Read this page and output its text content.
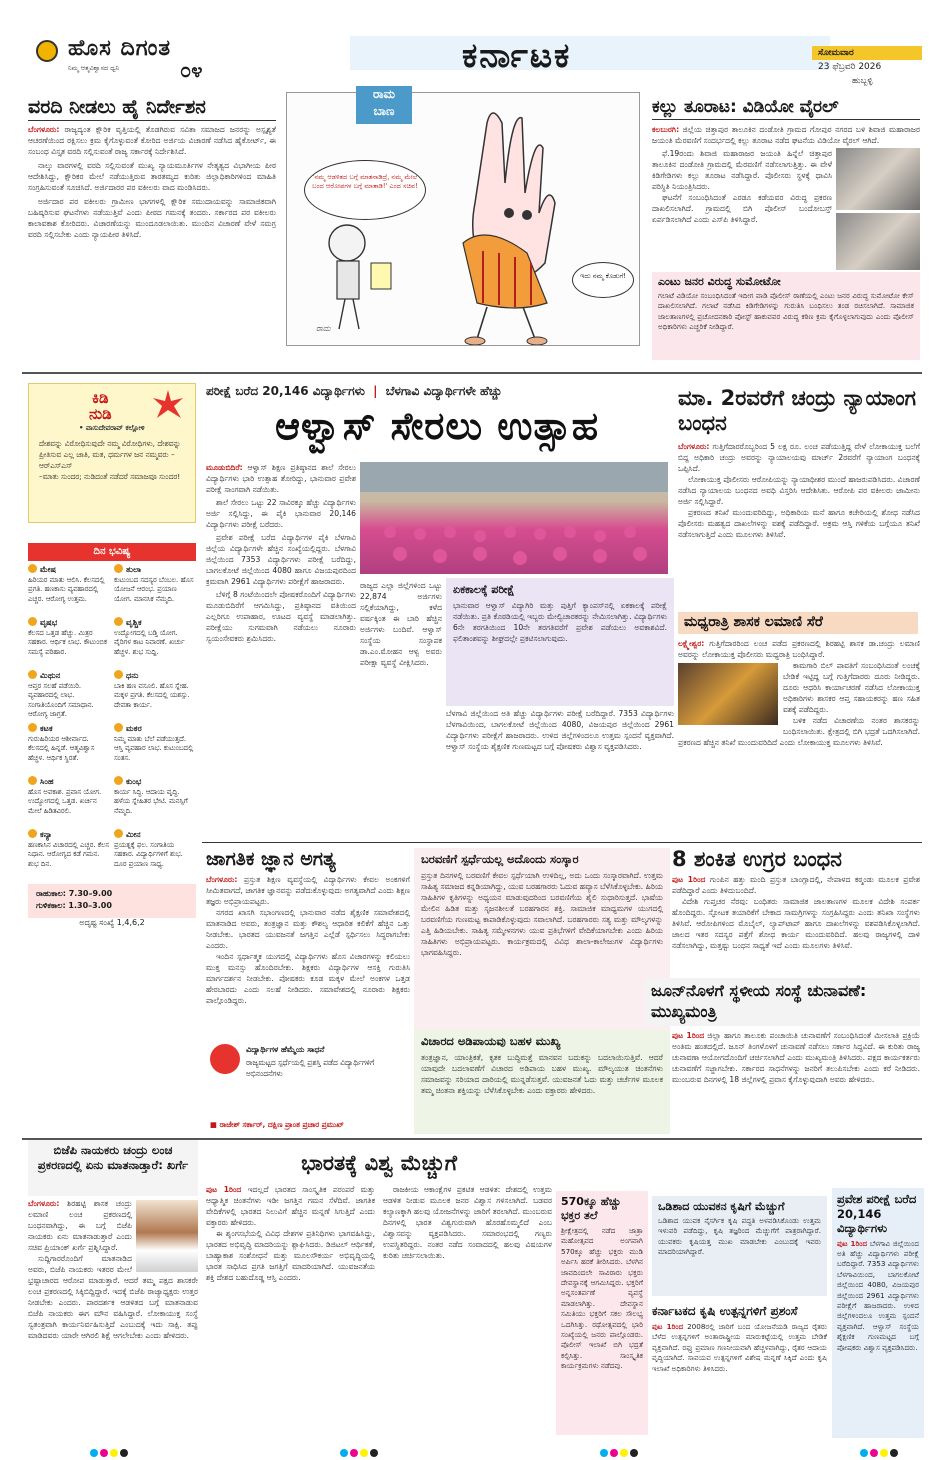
ಹೊಸ ದಿಗಂತ
ನಿಮ್ಮ ಆತ್ಮವಿಶ್ವಾಸದ ಧ್ವನಿ	೦೪	ಕರ್ನಾಟಕ	ಸೋಮವಾರ
23 ಫೆಬ್ರವರಿ 2026
ಹುಬ್ಬಳ್ಳಿ
ವರದಿ ನೀಡಲು ಹೈ ನಿರ್ದೇಶನ

ಬೆಂಗಳೂರು: ರಾಜ್ಯದ್ಯಂತ ಕ್ಷೌರಿಕ ವೃತ್ತಿಯಲ್ಲಿ ತೊಡಗಿರುವ ಸವಿತಾ ಸಮಾಜದ ಜನರನ್ನು ಅಸ್ಪೃಶ್ಯತೆ ಆಚರಣೆಯಿಂದ ರಕ್ಷಿಸಲು ಕ್ರಮ ಕೈಗೊಳ್ಳುವಂತೆ ಕೋರಿದ ಅರ್ಜಿಯ ವಿಚಾರಣೆ ನಡೆಸಿದ ಹೈಕೋರ್ಟ್, ಈ ಸಂಬಂಧ ವಿಸ್ತೃತ ವರದಿ ಸಲ್ಲಿಸುವಂತೆ ರಾಜ್ಯ ಸರ್ಕಾರಕ್ಕೆ ನಿರ್ದೇಶಿಸಿದೆ.

ನಾಲ್ಕು ವಾರಗಳಲ್ಲಿ ವರದಿ ಸಲ್ಲಿಸುವಂತೆ ಮುಖ್ಯ ನ್ಯಾಯಮೂರ್ತಿಗಳ ನೇತೃತ್ವದ ವಿಭಾಗೀಯ ಪೀಠ ಆದೇಶಿಸಿದ್ದು, ಕ್ಷೌರಿಕರ ಮೇಲೆ ನಡೆಯುತ್ತಿರುವ ತಾರತಮ್ಯದ ಕುರಿತು ಜಿಲ್ಲಾಧಿಕಾರಿಗಳಿಂದ ಮಾಹಿತಿ ಸಂಗ್ರಹಿಸುವಂತೆ ಸೂಚಿಸಿದೆ. ಅರ್ಜಿದಾರರ ಪರ ವಕೀಲರು ವಾದ ಮಂಡಿಸಿದರು.

ಅರ್ಜಿದಾರ ಪರ ವಕೀಲರು ಗ್ರಾಮೀಣ ಭಾಗಗಳಲ್ಲಿ ಕ್ಷೌರಿಕ ಸಮುದಾಯವನ್ನು ಸಾಮಾಜಿಕವಾಗಿ ಬಹಿಷ್ಕರಿಸುವ ಘಟನೆಗಳು ನಡೆಯುತ್ತಿವೆ ಎಂದು ಪೀಠದ ಗಮನಕ್ಕೆ ತಂದರು. ಸರ್ಕಾರದ ಪರ ವಕೀಲರು ಕಾಲಾವಕಾಶ ಕೋರಿದರು. ವಿಚಾರಣೆಯನ್ನು ಮುಂದೂಡಲಾಯಿತು. ಮುಂದಿನ ವಿಚಾರಣೆ ವೇಳೆ ಸಮಗ್ರ ವರದಿ ಸಲ್ಲಿಸಬೇಕು ಎಂದು ನ್ಯಾಯಪೀಠ ತಿಳಿಸಿದೆ.

ರಾಮ
ಬಾಣ
'ನಮ್ಮ ಆಡಳಿತದ ಬಗ್ಗೆ ಮಾತನಾಡಿದ್ರೆ, ನಮ್ಮ ಮೇಲೆ ಬಂದ ಆರೋಪಗಳ ಬಗ್ಗೆ ಮಾತಾಡಿ!' ಎಂದ ಸಚಿವ!
ಇದು ನಮ್ಮ ಕೊಡುಗೆ!
ರಾಮ
ಕಲ್ಲು ತೂರಾಟ: ವಿಡಿಯೋ ವೈರಲ್

ಕಲಬುರಗಿ: ಜಿಲ್ಲೆಯ ಚಿತ್ತಾಪುರ ತಾಲೂಕಿನ ದಂಡೋತಿ ಗ್ರಾಮದ ಗೋಪುರ ನಗರದ ಬಳಿ ಶಿವಾಜಿ ಮಹಾರಾಜರ ಜಯಂತಿ ಮೆರವಣಿಗೆ ಸಂದರ್ಭದಲ್ಲಿ ಕಲ್ಲು ತೂರಾಟ ನಡೆದ ಘಟನೆಯ ವಿಡಿಯೋ ವೈರಲ್ ಆಗಿದೆ.

ಫೆ.19ರಂದು ಶಿವಾಜಿ ಮಹಾರಾಜರ ಜಯಂತಿ ಹಿನ್ನೆಲೆ ಚಿತ್ತಾಪುರ ತಾಲೂಕಿನ ದಂಡೋತಿ ಗ್ರಾಮದಲ್ಲಿ ಮೆರವಣಿಗೆ ನಡೆಸಲಾಗುತ್ತಿತ್ತು. ಈ ವೇಳೆ ಕಿಡಿಗೇಡಿಗಳು ಕಲ್ಲು ತೂರಾಟ ನಡೆಸಿದ್ದಾರೆ. ಪೊಲೀಸರು ಸ್ಥಳಕ್ಕೆ ಧಾವಿಸಿ ಪರಿಸ್ಥಿತಿ ನಿಯಂತ್ರಿಸಿದರು.

ಘಟನೆಗೆ ಸಂಬಂಧಿಸಿದಂತೆ ಎರಡೂ ಕಡೆಯವರ ವಿರುದ್ಧ ಪ್ರಕರಣ ದಾಖಲಿಸಲಾಗಿದೆ. ಗ್ರಾಮದಲ್ಲಿ ಬಿಗಿ ಪೊಲೀಸ್ ಬಂದೋಬಸ್ತ್ ಏರ್ಪಡಿಸಲಾಗಿದೆ ಎಂದು ಎಸ್‌ಪಿ ತಿಳಿಸಿದ್ದಾರೆ.

ಎಂಟು ಜನರ ವಿರುದ್ಧ ಸುಮೋಟೋ

ಗಲಾಟೆ ವಿಡಿಯೋ ಸಂಬಂಧಿಸಿದಂತೆ ಇದೀಗ ವಾಡಿ ಪೊಲೀಸ್ ಠಾಣೆಯಲ್ಲಿ ಎಂಟು ಜನರ ವಿರುದ್ಧ ಸುಮೋಟೋ ಕೇಸ್ ದಾಖಲಿಸಲಾಗಿದೆ. ಗಲಾಟೆ ನಡೆಸಿದ ಕಿಡಿಗೇಡಿಗಳನ್ನು ಗುರುತಿಸಿ ಬಂಧಿಸಲು ತಂಡ ರಚಿಸಲಾಗಿದೆ. ಸಾಮಾಜಿಕ ಜಾಲತಾಣಗಳಲ್ಲಿ ಪ್ರಚೋದನಕಾರಿ ಪೋಸ್ಟ್ ಹಾಕುವವರ ವಿರುದ್ಧ ಕಠಿಣ ಕ್ರಮ ಕೈಗೊಳ್ಳಲಾಗುವುದು ಎಂದು ಪೊಲೀಸ್ ಅಧಿಕಾರಿಗಳು ಎಚ್ಚರಿಕೆ ನೀಡಿದ್ದಾರೆ.

ಕಿಡಿ
ನುಡಿ
• ವಾಸುದೇವರಾವ್ ಕಲ್ಲೋಳಿ
ದೇಶವನ್ನು ವಿರೋಧಿಸುವುದೇ ನಮ್ಮ ವಿರೋಧಿಗಳು, ದೇಶವನ್ನು ಪ್ರೀತಿಸುವ ಎಲ್ಲ ಜಾತಿ, ಮತ, ಧರ್ಮಗಳ ಜನ ನಮ್ಮವರು – ಆರ್‌ಎಸ್‌ಎಸ್
–ಮಾತು ಸುಂದರ; ನುಡಿದಂತೆ ನಡೆದರೆ ಸಮಾಜವೂ ಸುಂದರ!
ದಿನ ಭವಿಷ್ಯ
ಮೇಷ
ಹಿರಿಯರ ಮಾತು ಆಲಿಸಿ. ಕೆಲಸದಲ್ಲಿ ಪ್ರಗತಿ. ಹಣಕಾಸು ವ್ಯವಹಾರದಲ್ಲಿ ಎಚ್ಚರ. ಆರೋಗ್ಯ ಉತ್ತಮ.
ತುಲಾ
ಕುಟುಂಬದ ಸದಸ್ಯರ ಬೆಂಬಲ. ಹೊಸ ಯೋಜನೆ ಆರಂಭ. ಪ್ರಯಾಣ ಯೋಗ. ಮಾನಸಿಕ ನೆಮ್ಮದಿ.
ವೃಷಭ
ಕೆಲಸದ ಒತ್ತಡ ಹೆಚ್ಚು. ಮಿತ್ರರ ಸಹಕಾರ. ಆರ್ಥಿಕ ಲಾಭ. ಕೌಟುಂಬಿಕ ಸಮಸ್ಯೆ ಪರಿಹಾರ.
ವೃಶ್ಚಿಕ
ಉದ್ಯೋಗದಲ್ಲಿ ಬಡ್ತಿ ಯೋಗ. ವೈರಿಗಳ ಕಾಟ ನಿವಾರಣೆ. ಖರ್ಚು ಹೆಚ್ಚಳ. ಶುಭ ಸುದ್ದಿ.
ಮಿಥುನ
ಆಪ್ತರ ಸಲಹೆ ಪಡೆಯಿರಿ. ವ್ಯವಹಾರದಲ್ಲಿ ಲಾಭ. ಸಂಗಾತಿಯೊಂದಿಗೆ ಸಮಾಧಾನ. ಆರೋಗ್ಯ ಜಾಗ್ರತೆ.
ಧನು
ಬಾಕಿ ಹಣ ವಸೂಲಿ. ಹೊಸ ಸ್ನೇಹ. ಮಕ್ಕಳ ಪ್ರಗತಿ. ಕೆಲಸದಲ್ಲಿ ಯಶಸ್ಸು. ದೇವತಾ ಕಾರ್ಯ.
ಕಟಕ
ಗುರುಹಿರಿಯರ ಆಶೀರ್ವಾದ. ಕೆಲಸದಲ್ಲಿ ಹಿನ್ನಡೆ. ಆತ್ಮವಿಶ್ವಾಸ ಹೆಚ್ಚಳ. ಆರ್ಥಿಕ ಸ್ಥಿರತೆ.
ಮಕರ
ನಿಮ್ಮ ಮಾತು ಬೆಲೆ ಪಡೆಯುತ್ತದೆ. ಆಸ್ತಿ ವ್ಯವಹಾರ ಲಾಭ. ಕುಟುಂಬದಲ್ಲಿ ಸಂತಸ.
ಸಿಂಹ
ಹೊಸ ಅವಕಾಶ. ಪ್ರವಾಸ ಯೋಗ. ಉದ್ಯೋಗದಲ್ಲಿ ಒತ್ತಡ. ಖರ್ಚಿನ ಮೇಲೆ ಹಿಡಿತವಿರಲಿ.
ಕುಂಭ
ಕಾರ್ಯ ಸಿದ್ಧಿ. ಆದಾಯ ವೃದ್ಧಿ. ಹಳೆಯ ಸ್ನೇಹಿತರ ಭೇಟಿ. ಮನಸ್ಸಿಗೆ ನೆಮ್ಮದಿ.
ಕನ್ಯಾ
ಹಣಕಾಸಿನ ವಿಚಾರದಲ್ಲಿ ಎಚ್ಚರ. ಕೆಲಸ ನಿಧಾನ. ಆರೋಗ್ಯದ ಕಡೆ ಗಮನ. ಶುಭ ದಿನ.
ಮೀನ
ಪ್ರಯತ್ನಕ್ಕೆ ಫಲ. ಸಂಗಾತಿಯ ಸಹಕಾರ. ವಿದ್ಯಾರ್ಥಿಗಳಿಗೆ ಶುಭ. ದೂರ ಪ್ರಯಾಣ ಸಾಧ್ಯ.
ರಾಹುಕಾಲ: 7.30–9.00
ಗುಳಿಕಕಾಲ: 1.30–3.00
ಅದೃಷ್ಟ ಸಂಖ್ಯೆ 1,4,6,2
ಪರೀಕ್ಷೆ ಬರೆದ 20,146 ವಿದ್ಯಾರ್ಥಿಗಳು | ಬೆಳಗಾವಿ ವಿದ್ಯಾರ್ಥಿಗಳೇ ಹೆಚ್ಚು
ಆಳ್ವಾಸ್ ಸೇರಲು ಉತ್ಸಾಹ

ಮೂಡುಬಿದಿರೆ: ಆಳ್ವಾಸ್ ಶಿಕ್ಷಣ ಪ್ರತಿಷ್ಠಾನದ ಶಾಲೆ ಸೇರಲು ವಿದ್ಯಾರ್ಥಿಗಳು ಭಾರಿ ಉತ್ಸಾಹ ತೋರಿದ್ದು, ಭಾನುವಾರ ಪ್ರವೇಶ ಪರೀಕ್ಷೆ ಸಾಂಗವಾಗಿ ನಡೆಯಿತು.

ಶಾಲೆ ಸೇರಲು ಒಟ್ಟು 22 ಸಾವಿರಕ್ಕೂ ಹೆಚ್ಚು ವಿದ್ಯಾರ್ಥಿಗಳು ಅರ್ಜಿ ಸಲ್ಲಿಸಿದ್ದು, ಈ ಪೈಕಿ ಭಾನುವಾರ 20,146 ವಿದ್ಯಾರ್ಥಿಗಳು ಪರೀಕ್ಷೆ ಬರೆದರು.

ಪ್ರವೇಶ ಪರೀಕ್ಷೆ ಬರೆದ ವಿದ್ಯಾರ್ಥಿಗಳ ಪೈಕಿ ಬೆಳಗಾವಿ ಜಿಲ್ಲೆಯ ವಿದ್ಯಾರ್ಥಿಗಳೇ ಹೆಚ್ಚಿನ ಸಂಖ್ಯೆಯಲ್ಲಿದ್ದರು. ಬೆಳಗಾವಿ ಜಿಲ್ಲೆಯಿಂದ 7353 ವಿದ್ಯಾರ್ಥಿಗಳು ಪರೀಕ್ಷೆ ಬರೆದಿದ್ದು, ಬಾಗಲಕೋಟೆ ಜಿಲ್ಲೆಯಿಂದ 4080 ಹಾಗೂ ವಿಜಯಪುರದಿಂದ ಕ್ರಮವಾಗಿ 2961 ವಿದ್ಯಾರ್ಥಿಗಳು ಪರೀಕ್ಷೆಗೆ ಹಾಜರಾದರು.

ಬೆಳಿಗ್ಗೆ 8 ಗಂಟೆಯಿಂದಲೇ ಪೋಷಕರೊಂದಿಗೆ ವಿದ್ಯಾರ್ಥಿಗಳು ಮೂಡುಬಿದಿರೆಗೆ ಆಗಮಿಸಿದ್ದು, ಪ್ರತಿಷ್ಠಾನದ ವತಿಯಿಂದ ಎಲ್ಲರಿಗೂ ಉಪಾಹಾರ, ಊಟದ ವ್ಯವಸ್ಥೆ ಮಾಡಲಾಗಿತ್ತು. ಪರೀಕ್ಷೆಯು ಸುಗಮವಾಗಿ ನಡೆಯಲು ನೂರಾರು ಸ್ವಯಂಸೇವಕರು ಶ್ರಮಿಸಿದರು.

ರಾಜ್ಯದ ಎಲ್ಲಾ ಜಿಲ್ಲೆಗಳಿಂದ ಒಟ್ಟು 22,874 ಅರ್ಜಿಗಳು ಸಲ್ಲಿಕೆಯಾಗಿದ್ದು, ಕಳೆದ ವರ್ಷಕ್ಕಿಂತ ಈ ಬಾರಿ ಹೆಚ್ಚಿನ ಅರ್ಜಿಗಳು ಬಂದಿವೆ. ಆಳ್ವಾಸ್ ಸಂಸ್ಥೆಯ ಸಂಸ್ಥಾಪಕ ಡಾ.ಎಂ.ಮೋಹನ ಆಳ್ವ ಅವರು ಪರೀಕ್ಷಾ ವ್ಯವಸ್ಥೆ ವೀಕ್ಷಿಸಿದರು.

ಏಕಕಾಲಕ್ಕೆ ಪರೀಕ್ಷೆ

ಭಾನುವಾರ ಆಳ್ವಾಸ್ ವಿದ್ಯಾಗಿರಿ ಮತ್ತು ಪುತ್ತಿಗೆ ಕ್ಯಾಂಪಸ್‌ನಲ್ಲಿ ಏಕಕಾಲಕ್ಕೆ ಪರೀಕ್ಷೆ ನಡೆಯಿತು. ಪ್ರತಿ ಕೊಠಡಿಯಲ್ಲಿ ಇಬ್ಬರು ಮೇಲ್ವಿಚಾರಕರನ್ನು ನೇಮಿಸಲಾಗಿತ್ತು. ವಿದ್ಯಾರ್ಥಿಗಳು 6ನೇ ತರಗತಿಯಿಂದ 10ನೇ ತರಗತಿವರೆಗೆ ಪ್ರವೇಶ ಪಡೆಯಲು ಅವಕಾಶವಿದೆ. ಫಲಿತಾಂಶವನ್ನು ಶೀಘ್ರದಲ್ಲೇ ಪ್ರಕಟಿಸಲಾಗುವುದು.

ಬೆಳಗಾವಿ ಜಿಲ್ಲೆಯಿಂದ ಅತಿ ಹೆಚ್ಚು ವಿದ್ಯಾರ್ಥಿಗಳು ಪರೀಕ್ಷೆ ಬರೆದಿದ್ದಾರೆ. 7353 ವಿದ್ಯಾರ್ಥಿಗಳು ಬೆಳಗಾವಿಯಿಂದ, ಬಾಗಲಕೋಟೆ ಜಿಲ್ಲೆಯಿಂದ 4080, ವಿಜಯಪುರ ಜಿಲ್ಲೆಯಿಂದ 2961 ವಿದ್ಯಾರ್ಥಿಗಳು ಪರೀಕ್ಷೆಗೆ ಹಾಜರಾದರು. ಉಳಿದ ಜಿಲ್ಲೆಗಳಿಂದಲೂ ಉತ್ತಮ ಸ್ಪಂದನೆ ವ್ಯಕ್ತವಾಗಿದೆ. ಆಳ್ವಾಸ್ ಸಂಸ್ಥೆಯ ಶೈಕ್ಷಣಿಕ ಗುಣಮಟ್ಟದ ಬಗ್ಗೆ ಪೋಷಕರು ವಿಶ್ವಾಸ ವ್ಯಕ್ತಪಡಿಸಿದರು.

ಮಾ. 2ರವರೆಗೆ ಚಂದ್ರು ನ್ಯಾಯಾಂಗ ಬಂಧನ

ಬೆಂಗಳೂರು: ಗುತ್ತಿಗೆದಾರರೊಬ್ಬರಿಂದ 5 ಲಕ್ಷ ರೂ. ಲಂಚ ಪಡೆಯುತ್ತಿದ್ದ ವೇಳೆ ಲೋಕಾಯುಕ್ತ ಬಲೆಗೆ ಬಿದ್ದ ಅಧಿಕಾರಿ ಚಂದ್ರು ಅವರನ್ನು ನ್ಯಾಯಾಲಯವು ಮಾರ್ಚ್ 2ರವರೆಗೆ ನ್ಯಾಯಾಂಗ ಬಂಧನಕ್ಕೆ ಒಪ್ಪಿಸಿದೆ.

ಲೋಕಾಯುಕ್ತ ಪೊಲೀಸರು ಆರೋಪಿಯನ್ನು ನ್ಯಾಯಾಧೀಶರ ಮುಂದೆ ಹಾಜರುಪಡಿಸಿದರು. ವಿಚಾರಣೆ ನಡೆಸಿದ ನ್ಯಾಯಾಲಯ ಬಂಧನದ ಅವಧಿ ವಿಸ್ತರಿಸಿ ಆದೇಶಿಸಿತು. ಆರೋಪಿ ಪರ ವಕೀಲರು ಜಾಮೀನು ಅರ್ಜಿ ಸಲ್ಲಿಸಿದ್ದಾರೆ.

ಪ್ರಕರಣದ ತನಿಖೆ ಮುಂದುವರಿದಿದ್ದು, ಅಧಿಕಾರಿಯ ಮನೆ ಹಾಗೂ ಕಚೇರಿಯಲ್ಲಿ ಶೋಧ ನಡೆಸಿದ ಪೊಲೀಸರು ಮಹತ್ವದ ದಾಖಲೆಗಳನ್ನು ವಶಕ್ಕೆ ಪಡೆದಿದ್ದಾರೆ. ಅಕ್ರಮ ಆಸ್ತಿ ಗಳಿಕೆಯ ಬಗ್ಗೆಯೂ ತನಿಖೆ ನಡೆಸಲಾಗುತ್ತಿದೆ ಎಂದು ಮೂಲಗಳು ತಿಳಿಸಿವೆ.

ಮಧ್ಯರಾತ್ರಿ ಶಾಸಕ ಲಮಾಣಿ ಸೆರೆ

ಲಕ್ಷ್ಮೇಶ್ವರ: ಗುತ್ತಿಗೆದಾರರಿಂದ ಲಂಚ ಪಡೆದ ಪ್ರಕರಣದಲ್ಲಿ ಶಿರಹಟ್ಟಿ ಶಾಸಕ ಡಾ.ಚಂದ್ರು ಲಮಾಣಿ ಅವರನ್ನು ಲೋಕಾಯುಕ್ತ ಪೊಲೀಸರು ಮಧ್ಯರಾತ್ರಿ ಬಂಧಿಸಿದ್ದಾರೆ.

ಕಾಮಗಾರಿ ಬಿಲ್ ಪಾವತಿಗೆ ಸಂಬಂಧಿಸಿದಂತೆ ಲಂಚಕ್ಕೆ ಬೇಡಿಕೆ ಇಟ್ಟಿದ್ದ ಬಗ್ಗೆ ಗುತ್ತಿಗೆದಾರರು ದೂರು ನೀಡಿದ್ದರು. ದೂರು ಆಧರಿಸಿ ಕಾರ್ಯಾಚರಣೆ ನಡೆಸಿದ ಲೋಕಾಯುಕ್ತ ಅಧಿಕಾರಿಗಳು ಶಾಸಕರ ಆಪ್ತ ಸಹಾಯಕರನ್ನು ಹಣ ಸಹಿತ ವಶಕ್ಕೆ ಪಡೆದಿದ್ದರು.

ಬಳಿಕ ನಡೆದ ವಿಚಾರಣೆಯ ನಂತರ ಶಾಸಕರನ್ನು ಬಂಧಿಸಲಾಯಿತು. ಕ್ಷೇತ್ರದಲ್ಲಿ ಬಿಗಿ ಭದ್ರತೆ ಒದಗಿಸಲಾಗಿದೆ. ಪ್ರಕರಣದ ಹೆಚ್ಚಿನ ತನಿಖೆ ಮುಂದುವರಿದಿದೆ ಎಂದು ಲೋಕಾಯುಕ್ತ ಮೂಲಗಳು ತಿಳಿಸಿವೆ.

ಜಾಗತಿಕ ಜ್ಞಾನ ಅಗತ್ಯ

ಬೆಂಗಳೂರು: ಪ್ರಸ್ತುತ ಶಿಕ್ಷಣ ವ್ಯವಸ್ಥೆಯಲ್ಲಿ ವಿದ್ಯಾರ್ಥಿಗಳು ಕೇವಲ ಅಂಕಗಳಿಗೆ ಸೀಮಿತವಾಗದೆ, ಜಾಗತಿಕ ಜ್ಞಾನವನ್ನು ಪಡೆದುಕೊಳ್ಳುವುದು ಅಗತ್ಯವಾಗಿದೆ ಎಂದು ಶಿಕ್ಷಣ ತಜ್ಞರು ಅಭಿಪ್ರಾಯಪಟ್ಟರು.

ನಗರದ ಖಾಸಗಿ ಸಭಾಂಗಣದಲ್ಲಿ ಭಾನುವಾರ ನಡೆದ ಶೈಕ್ಷಣಿಕ ಸಮಾವೇಶದಲ್ಲಿ ಮಾತನಾಡಿದ ಅವರು, ತಂತ್ರಜ್ಞಾನ ಮತ್ತು ಕೌಶಲ್ಯ ಆಧಾರಿತ ಕಲಿಕೆಗೆ ಹೆಚ್ಚಿನ ಒತ್ತು ನೀಡಬೇಕು. ಭಾರತದ ಯುವಜನತೆ ಜಗತ್ತಿನ ಎಲ್ಲೆಡೆ ಸ್ಪರ್ಧಿಸಲು ಸಿದ್ಧರಾಗಬೇಕು ಎಂದರು.

ಇಂದಿನ ಸ್ಪರ್ಧಾತ್ಮಕ ಯುಗದಲ್ಲಿ ವಿದ್ಯಾರ್ಥಿಗಳು ಹೊಸ ವಿಚಾರಗಳನ್ನು ಕಲಿಯಲು ಮುಕ್ತ ಮನಸ್ಸು ಹೊಂದಿರಬೇಕು. ಶಿಕ್ಷಕರು ವಿದ್ಯಾರ್ಥಿಗಳ ಆಸಕ್ತಿ ಗುರುತಿಸಿ ಮಾರ್ಗದರ್ಶನ ನೀಡಬೇಕು. ಪೋಷಕರು ಕೂಡ ಮಕ್ಕಳ ಮೇಲೆ ಅಂಕಗಳ ಒತ್ತಡ ಹೇರಬಾರದು ಎಂದು ಸಲಹೆ ನೀಡಿದರು. ಸಮಾವೇಶದಲ್ಲಿ ನೂರಾರು ಶಿಕ್ಷಕರು ಪಾಲ್ಗೊಂಡಿದ್ದರು.

ವಿದ್ಯಾರ್ಥಿಗಳ ಹೆಮ್ಮೆಯ ಸಾಧನೆ
ರಾಜ್ಯಮಟ್ಟದ ಸ್ಪರ್ಧೆಯಲ್ಲಿ ಪ್ರಶಸ್ತಿ ಪಡೆದ ವಿದ್ಯಾರ್ಥಿಗಳಿಗೆ ಅಭಿನಂದನೆಗಳು
■ ರಾಜೇಶ್ ಸರ್ಕಾರ್, ದಕ್ಷಿಣ ಪ್ರಾಂತ ಪ್ರಚಾರ ಪ್ರಮುಖ್
ಬರವಣಿಗೆ ಸ್ಪರ್ಧೆಯಲ್ಲ ಅದೊಂದು ಸಂಸ್ಕಾರ

ಪ್ರಸ್ತುತ ದಿನಗಳಲ್ಲಿ ಬರವಣಿಗೆ ಕೇವಲ ಸ್ಪರ್ಧೆಯಾಗಿ ಉಳಿದಿಲ್ಲ, ಅದು ಒಂದು ಸಂಸ್ಕಾರವಾಗಿದೆ. ಉತ್ತಮ ಸಾಹಿತ್ಯ ಸಮಾಜದ ಕನ್ನಡಿಯಾಗಿದ್ದು, ಯುವ ಬರಹಗಾರರು ಓದುವ ಹವ್ಯಾಸ ಬೆಳೆಸಿಕೊಳ್ಳಬೇಕು. ಹಿರಿಯ ಸಾಹಿತಿಗಳ ಕೃತಿಗಳನ್ನು ಅಧ್ಯಯನ ಮಾಡುವುದರಿಂದ ಬರವಣಿಗೆಯ ಶೈಲಿ ಸುಧಾರಿಸುತ್ತದೆ. ಭಾಷೆಯ ಮೇಲಿನ ಹಿಡಿತ ಮತ್ತು ಸೃಜನಶೀಲತೆ ಬರಹಗಾರನ ಶಕ್ತಿ. ಸಾಮಾಜಿಕ ಮಾಧ್ಯಮಗಳ ಯುಗದಲ್ಲಿ ಬರವಣಿಗೆಯ ಗುಣಮಟ್ಟ ಕಾಪಾಡಿಕೊಳ್ಳುವುದು ಸವಾಲಾಗಿದೆ. ಬರಹಗಾರರು ಸತ್ಯ ಮತ್ತು ಮೌಲ್ಯಗಳನ್ನು ಎತ್ತಿ ಹಿಡಿಯಬೇಕು. ಸಾಹಿತ್ಯ ಸಮ್ಮೇಳನಗಳು ಯುವ ಪ್ರತಿಭೆಗಳಿಗೆ ವೇದಿಕೆಯಾಗಬೇಕು ಎಂದು ಹಿರಿಯ ಸಾಹಿತಿಗಳು ಅಭಿಪ್ರಾಯಪಟ್ಟರು. ಕಾರ್ಯಕ್ರಮದಲ್ಲಿ ವಿವಿಧ ಶಾಲಾ-ಕಾಲೇಜುಗಳ ವಿದ್ಯಾರ್ಥಿಗಳು ಭಾಗವಹಿಸಿದ್ದರು.

ವಿಚಾರದ ಅಡಿಪಾಯವು ಬಹಳ ಮುಖ್ಯ

ತಂತ್ರಜ್ಞಾನ, ಯಾಂತ್ರಿಕತೆ, ಕೃತಕ ಬುದ್ಧಿಮತ್ತೆ ಮಾನವನ ಬದುಕನ್ನು ಬದಲಾಯಿಸುತ್ತಿವೆ. ಆದರೆ ಯಾವುದೇ ಬದಲಾವಣೆಗೆ ವಿಚಾರದ ಅಡಿಪಾಯ ಬಹಳ ಮುಖ್ಯ. ಮೌಲ್ಯಯುತ ಚಿಂತನೆಗಳು ಸಮಾಜವನ್ನು ಸರಿಯಾದ ದಾರಿಯಲ್ಲಿ ಮುನ್ನಡೆಸುತ್ತವೆ. ಯುವಜನತೆ ಓದು ಮತ್ತು ಚರ್ಚೆಗಳ ಮೂಲಕ ತಮ್ಮ ಚಿಂತನಾ ಶಕ್ತಿಯನ್ನು ಬೆಳೆಸಿಕೊಳ್ಳಬೇಕು ಎಂದು ವಕ್ತಾರರು ಹೇಳಿದರು.

8 ಶಂಕಿತ ಉಗ್ರರ ಬಂಧನ

ಪುಟ 1ರಿಂದ ಗುಂಪಿನ ಹತ್ತು ಮಂದಿ ಪ್ರಸ್ತುತ ಬಾಂಗ್ಲಾದಲ್ಲಿ, ನೇಪಾಳದ ಕಠ್ಮಂಡು ಮೂಲಕ ಪ್ರವೇಶ ಪಡೆದಿದ್ದಾರೆ ಎಂದು ತಿಳಿದುಬಂದಿದೆ.

ವಿದೇಶಿ ಗುಪ್ತಚರ ನೆರವು: ಬಂಧಿತರು ಸಾಮಾಜಿಕ ಜಾಲತಾಣಗಳ ಮೂಲಕ ವಿದೇಶಿ ಸಂಪರ್ಕ ಹೊಂದಿದ್ದರು. ಸ್ಫೋಟಕ ತಯಾರಿಕೆಗೆ ಬೇಕಾದ ಸಾಮಗ್ರಿಗಳನ್ನು ಸಂಗ್ರಹಿಸಿದ್ದರು ಎಂದು ತನಿಖಾ ಸಂಸ್ಥೆಗಳು ತಿಳಿಸಿವೆ. ಆರೋಪಿಗಳಿಂದ ಮೊಬೈಲ್, ಲ್ಯಾಪ್‌ಟಾಪ್ ಹಾಗೂ ದಾಖಲೆಗಳನ್ನು ವಶಪಡಿಸಿಕೊಳ್ಳಲಾಗಿದೆ. ಜಾಲದ ಇತರ ಸದಸ್ಯರ ಪತ್ತೆಗೆ ಶೋಧ ಕಾರ್ಯ ಮುಂದುವರಿದಿದೆ. ಹಲವು ರಾಜ್ಯಗಳಲ್ಲಿ ದಾಳಿ ನಡೆಸಲಾಗಿದ್ದು, ಮತ್ತಷ್ಟು ಬಂಧನ ಸಾಧ್ಯತೆ ಇದೆ ಎಂದು ಮೂಲಗಳು ತಿಳಿಸಿವೆ.

ಜೂನ್‌ನೊಳಗೆ ಸ್ಥಳೀಯ ಸಂಸ್ಥೆ ಚುನಾವಣೆ: ಮುಖ್ಯಮಂತ್ರಿ

ಪುಟ 1ರಿಂದ ಜಿಲ್ಲಾ ಹಾಗೂ ತಾಲೂಕು ಪಂಚಾಯಿತಿ ಚುನಾವಣೆಗೆ ಸಂಬಂಧಿಸಿದಂತೆ ಮೀಸಲಾತಿ ಪ್ರಕ್ರಿಯೆ ಅಂತಿಮ ಹಂತದಲ್ಲಿದೆ. ಜೂನ್ ತಿಂಗಳೊಳಗೆ ಚುನಾವಣೆ ನಡೆಸಲು ಸರ್ಕಾರ ಸಿದ್ಧವಿದೆ. ಈ ಕುರಿತು ರಾಜ್ಯ ಚುನಾವಣಾ ಆಯೋಗದೊಂದಿಗೆ ಚರ್ಚಿಸಲಾಗಿದೆ ಎಂದು ಮುಖ್ಯಮಂತ್ರಿ ತಿಳಿಸಿದರು. ಪಕ್ಷದ ಕಾರ್ಯಕರ್ತರು ಚುನಾವಣೆಗೆ ಸಜ್ಜಾಗಬೇಕು. ಸರ್ಕಾರದ ಸಾಧನೆಗಳನ್ನು ಜನರಿಗೆ ತಲುಪಿಸಬೇಕು ಎಂದು ಕರೆ ನೀಡಿದರು. ಮುಂಬರುವ ದಿನಗಳಲ್ಲಿ 18 ಜಿಲ್ಲೆಗಳಲ್ಲಿ ಪ್ರವಾಸ ಕೈಗೊಳ್ಳುವುದಾಗಿ ಅವರು ಹೇಳಿದರು.

ಬಿಜೆಪಿ ನಾಯಕರು ಚಂದ್ರು ಲಂಚ ಪ್ರಕರಣದಲ್ಲಿ ಏನು ಮಾತನಾಡ್ತಾರೆ: ಖರ್ಗೆ

ಬೆಂಗಳೂರು: ಶಿರಹಟ್ಟಿ ಶಾಸಕ ಚಂದ್ರು ಲಮಾಣಿ ಲಂಚ ಪ್ರಕರಣದಲ್ಲಿ ಬಂಧನವಾಗಿದ್ದು, ಈ ಬಗ್ಗೆ ಬಿಜೆಪಿ ನಾಯಕರು ಏನು ಮಾತನಾಡುತ್ತಾರೆ ಎಂದು ಸಚಿವ ಪ್ರಿಯಾಂಕ್ ಖರ್ಗೆ ಪ್ರಶ್ನಿಸಿದ್ದಾರೆ.

ಸುದ್ದಿಗಾರರೊಂದಿಗೆ ಮಾತನಾಡಿದ ಅವರು, ಬಿಜೆಪಿ ನಾಯಕರು ಇತರರ ಮೇಲೆ ಭ್ರಷ್ಟಾಚಾರದ ಆರೋಪ ಮಾಡುತ್ತಾರೆ. ಆದರೆ ತಮ್ಮ ಪಕ್ಷದ ಶಾಸಕರೇ ಲಂಚ ಪ್ರಕರಣದಲ್ಲಿ ಸಿಕ್ಕಿಬಿದ್ದಿದ್ದಾರೆ. ಇದಕ್ಕೆ ಬಿಜೆಪಿ ರಾಜ್ಯಾಧ್ಯಕ್ಷರು ಉತ್ತರ ನೀಡಬೇಕು ಎಂದರು. ಪಾರದರ್ಶಕ ಆಡಳಿತದ ಬಗ್ಗೆ ಮಾತನಾಡುವ ಬಿಜೆಪಿ ನಾಯಕರು ಈಗ ಮೌನ ವಹಿಸಿದ್ದಾರೆ. ಲೋಕಾಯುಕ್ತ ಸಂಸ್ಥೆ ಸ್ವತಂತ್ರವಾಗಿ ಕಾರ್ಯನಿರ್ವಹಿಸುತ್ತಿದೆ ಎಂಬುದಕ್ಕೆ ಇದು ಸಾಕ್ಷಿ. ತಪ್ಪು ಮಾಡಿದವರು ಯಾರೇ ಆಗಿರಲಿ ಶಿಕ್ಷೆ ಆಗಲೇಬೇಕು ಎಂದು ಹೇಳಿದರು.

ಭಾರತಕ್ಕೆ ವಿಶ್ವ ಮೆಚ್ಚುಗೆ

ಪುಟ 1ರಿಂದ ಇದಲ್ಲದೆ ಭಾರತದ ಸಾಂಸ್ಕೃತಿಕ ಪರಂಪರೆ ಮತ್ತು ಆಧ್ಯಾತ್ಮಿಕ ಚಿಂತನೆಗಳು ಇಡೀ ಜಗತ್ತಿನ ಗಮನ ಸೆಳೆದಿವೆ. ಜಾಗತಿಕ ವೇದಿಕೆಗಳಲ್ಲಿ ಭಾರತದ ನಿಲುವಿಗೆ ಹೆಚ್ಚಿನ ಮನ್ನಣೆ ಸಿಗುತ್ತಿದೆ ಎಂದು ವಕ್ತಾರರು ಹೇಳಿದರು.

ಈ ಶೃಂಗಸಭೆಯಲ್ಲಿ ವಿವಿಧ ದೇಶಗಳ ಪ್ರತಿನಿಧಿಗಳು ಭಾಗವಹಿಸಿದ್ದು, ಭಾರತದ ಅಭಿವೃದ್ಧಿ ಮಾದರಿಯನ್ನು ಶ್ಲಾಘಿಸಿದರು. ಡಿಜಿಟಲ್ ಆರ್ಥಿಕತೆ, ಬಾಹ್ಯಾಕಾಶ ಸಂಶೋಧನೆ ಮತ್ತು ಮೂಲಸೌಕರ್ಯ ಅಭಿವೃದ್ಧಿಯಲ್ಲಿ ಭಾರತ ಸಾಧಿಸಿದ ಪ್ರಗತಿ ಜಗತ್ತಿಗೆ ಮಾದರಿಯಾಗಿದೆ. ಯುವಜನತೆಯ ಶಕ್ತಿ ದೇಶದ ಬಹುದೊಡ್ಡ ಆಸ್ತಿ ಎಂದರು.

ರಾಜಕೀಯ ಆಕಾಂಕ್ಷೆಗಳ ಪ್ರಕಟಿತ ಆಡಳಿತ: ದೇಶದಲ್ಲಿ ಉತ್ತಮ ಆಡಳಿತ ನೀಡುವ ಮೂಲಕ ಜನರ ವಿಶ್ವಾಸ ಗಳಿಸಲಾಗಿದೆ. ಬಡವರ ಕಲ್ಯಾಣಕ್ಕಾಗಿ ಹಲವು ಯೋಜನೆಗಳನ್ನು ಜಾರಿಗೆ ತರಲಾಗಿದೆ. ಮುಂಬರುವ ದಿನಗಳಲ್ಲಿ ಭಾರತ ವಿಶ್ವಗುರುವಾಗಿ ಹೊರಹೊಮ್ಮಲಿದೆ ಎಂಬ ವಿಶ್ವಾಸವನ್ನು ವ್ಯಕ್ತಪಡಿಸಿದರು. ಸಮಾರಂಭದಲ್ಲಿ ಗಣ್ಯರು ಉಪಸ್ಥಿತರಿದ್ದರು. ನಂತರ ನಡೆದ ಸಂವಾದದಲ್ಲಿ ಹಲವು ವಿಷಯಗಳ ಕುರಿತು ಚರ್ಚಿಸಲಾಯಿತು.

570ಕ್ಕೂ ಹೆಚ್ಚು ಭಕ್ತರ ತಲೆ

ಶ್ರೀಕ್ಷೇತ್ರದಲ್ಲಿ ನಡೆದ ಜಾತ್ರಾ ಮಹೋತ್ಸವದ ಅಂಗವಾಗಿ 570ಕ್ಕೂ ಹೆಚ್ಚು ಭಕ್ತರು ಮುಡಿ ಅರ್ಪಿಸಿ ಹರಕೆ ತೀರಿಸಿದರು. ಬೆಳಗಿನ ಜಾವದಿಂದಲೇ ಸಾವಿರಾರು ಭಕ್ತರು ದೇವಸ್ಥಾನಕ್ಕೆ ಆಗಮಿಸಿದ್ದರು. ಭಕ್ತರಿಗೆ ಅನ್ನಸಂತರ್ಪಣೆ ವ್ಯವಸ್ಥೆ ಮಾಡಲಾಗಿತ್ತು. ದೇವಸ್ಥಾನ ಸಮಿತಿಯು ಭಕ್ತರಿಗೆ ಸಕಲ ಸೌಲಭ್ಯ ಒದಗಿಸಿತ್ತು. ರಥೋತ್ಸವದಲ್ಲಿ ಭಾರಿ ಸಂಖ್ಯೆಯಲ್ಲಿ ಜನರು ಪಾಲ್ಗೊಂಡರು. ಪೊಲೀಸ್ ಇಲಾಖೆ ಬಿಗಿ ಭದ್ರತೆ ಕಲ್ಪಿಸಿತ್ತು. ಸಾಂಸ್ಕೃತಿಕ ಕಾರ್ಯಕ್ರಮಗಳು ನಡೆದವು.

ಒಡಿಶಾದ ಯುವಕನ ಕೃಷಿಗೆ ಮೆಚ್ಚುಗೆ

ಒಡಿಶಾದ ಯುವಕ ನೈಸರ್ಗಿಕ ಕೃಷಿ ಪದ್ಧತಿ ಅಳವಡಿಸಿಕೊಂಡು ಉತ್ತಮ ಇಳುವರಿ ಪಡೆದಿದ್ದು, ಕೃಷಿ ತಜ್ಞರಿಂದ ಮೆಚ್ಚುಗೆಗೆ ಪಾತ್ರರಾಗಿದ್ದಾರೆ. ಯುವಕರು ಕೃಷಿಯತ್ತ ಮುಖ ಮಾಡಬೇಕು ಎಂಬುದಕ್ಕೆ ಇವರು ಮಾದರಿಯಾಗಿದ್ದಾರೆ.

ಕರ್ನಾಟಕದ ಕೃಷಿ ಉತ್ಪನ್ನಗಳಿಗೆ ಪ್ರಶಂಸೆ

ಪುಟ 1ರಿಂದ 2008ರಲ್ಲಿ ಜಾರಿಗೆ ಬಂದ ಯೋಜನೆಯಡಿ ರಾಜ್ಯದ ರೈತರು ಬೆಳೆದ ಉತ್ಪನ್ನಗಳಿಗೆ ಅಂತಾರಾಷ್ಟ್ರೀಯ ಮಾರುಕಟ್ಟೆಯಲ್ಲಿ ಉತ್ತಮ ಬೇಡಿಕೆ ವ್ಯಕ್ತವಾಗಿದೆ. ರಫ್ತು ಪ್ರಮಾಣ ಗಣನೀಯವಾಗಿ ಹೆಚ್ಚಳವಾಗಿದ್ದು, ರೈತರ ಆದಾಯ ವೃದ್ಧಿಯಾಗಿದೆ. ಸಾವಯವ ಉತ್ಪನ್ನಗಳಿಗೆ ವಿಶೇಷ ಮನ್ನಣೆ ಸಿಕ್ಕಿದೆ ಎಂದು ಕೃಷಿ ಇಲಾಖೆ ಅಧಿಕಾರಿಗಳು ತಿಳಿಸಿದರು.

ಪ್ರವೇಶ ಪರೀಕ್ಷೆ ಬರೆದ 20,146 ವಿದ್ಯಾರ್ಥಿಗಳು

ಪುಟ 1ರಿಂದ ಬೆಳಗಾವಿ ಜಿಲ್ಲೆಯಿಂದ ಅತಿ ಹೆಚ್ಚು ವಿದ್ಯಾರ್ಥಿಗಳು ಪರೀಕ್ಷೆ ಬರೆದಿದ್ದಾರೆ. 7353 ವಿದ್ಯಾರ್ಥಿಗಳು ಬೆಳಗಾವಿಯಿಂದ, ಬಾಗಲಕೋಟೆ ಜಿಲ್ಲೆಯಿಂದ 4080, ವಿಜಯಪುರ ಜಿಲ್ಲೆಯಿಂದ 2961 ವಿದ್ಯಾರ್ಥಿಗಳು ಪರೀಕ್ಷೆಗೆ ಹಾಜರಾದರು. ಉಳಿದ ಜಿಲ್ಲೆಗಳಿಂದಲೂ ಉತ್ತಮ ಸ್ಪಂದನೆ ವ್ಯಕ್ತವಾಗಿದೆ. ಆಳ್ವಾಸ್ ಸಂಸ್ಥೆಯ ಶೈಕ್ಷಣಿಕ ಗುಣಮಟ್ಟದ ಬಗ್ಗೆ ಪೋಷಕರು ವಿಶ್ವಾಸ ವ್ಯಕ್ತಪಡಿಸಿದರು.
